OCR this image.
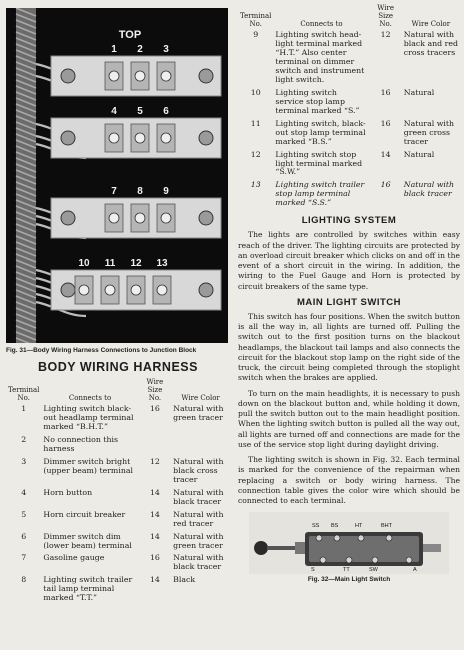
1 2 3
4 5 6
7 8 9
10 11 12 13
TOP
Fig. 31—Body Wiring Harness Connections to Junction Block
BODY WIRING HARNESS
Terminal No.	Connects to	Wire Size No.	Wire Color
1	Lighting switch black-out headlamp terminal marked “B.H.T.”	16	Natural with green tracer
2	No connection this harness		
3	Dimmer switch bright (upper beam) terminal	12	Natural with black cross tracer
4	Horn button	14	Natural with black tracer
5	Horn circuit breaker	14	Natural with red tracer
6	Dimmer switch dim (lower beam) terminal	14	Natural with green tracer
7	Gasoline gauge	16	Natural with black tracer
8	Lighting switch trailer tail lamp terminal marked “T.T.”	14	Black
Terminal No.	Connects to	Wire Size No.	Wire Color
9	Lighting switch head-light terminal marked “H.T.” Also center terminal on dimmer switch and instrument light switch.	12	Natural with black and red cross tracers
10	Lighting switch service stop lamp terminal marked “S.”	16	Natural
11	Lighting switch, black-out stop lamp terminal marked “B.S.”	16	Natural with green cross tracer
12	Lighting switch stop light terminal marked “S.W.”	14	Natural
13	Lighting switch trailer stop lamp terminal marked “S.S.”	16	Natural with black tracer
LIGHTING SYSTEM

The lights are controlled by switches within easy reach of the driver. The lighting circuits are protected by an overload circuit breaker which clicks on and off in the event of a short circuit in the wiring. In addition, the wiring to the Fuel Gauge and Horn is protected by circuit breakers of the same type.

MAIN LIGHT SWITCH

This switch has four positions. When the switch button is all the way in, all lights are turned off. Pulling the switch out to the first position turns on the blackout headlamps, the blackout tail lamps and also connects the circuit for the blackout stop lamp on the right side of the truck, the circuit being completed through the stoplight switch when the brakes are applied.

To turn on the main headlights, it is necessary to push down on the blackout button and, while holding it down, pull the switch button out to the main headlight position. When the lighting switch button is pulled all the way out, all lights are turned off and connections are made for the use of the service stop light during daylight driving.

The lighting switch is shown in Fig. 32. Each terminal is marked for the convenience of the repairman when replacing a switch or body wiring harness. The connection table gives the color wire which should be connected to each terminal.

SS BS	HT	BHT
S	TT	SW	A
Fig. 32—Main Light Switch
